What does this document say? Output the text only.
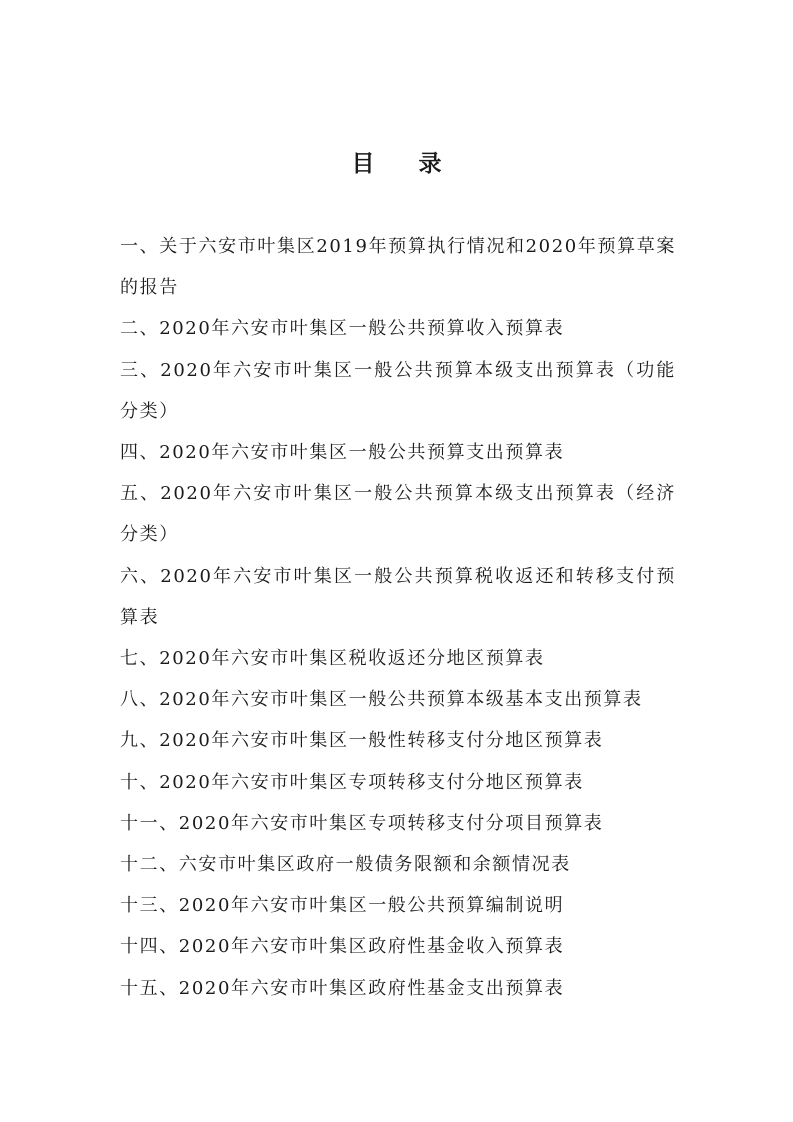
目 录
一、关于六安市叶集区2019年预算执行情况和2020年预算草案的报告
二、2020年六安市叶集区一般公共预算收入预算表
三、2020年六安市叶集区一般公共预算本级支出预算表（功能分类）
四、2020年六安市叶集区一般公共预算支出预算表
五、2020年六安市叶集区一般公共预算本级支出预算表（经济分类）
六、2020年六安市叶集区一般公共预算税收返还和转移支付预算表
七、2020年六安市叶集区税收返还分地区预算表
八、2020年六安市叶集区一般公共预算本级基本支出预算表
九、2020年六安市叶集区一般性转移支付分地区预算表
十、2020年六安市叶集区专项转移支付分地区预算表
十一、2020年六安市叶集区专项转移支付分项目预算表
十二、六安市叶集区政府一般债务限额和余额情况表
十三、2020年六安市叶集区一般公共预算编制说明
十四、2020年六安市叶集区政府性基金收入预算表
十五、2020年六安市叶集区政府性基金支出预算表
